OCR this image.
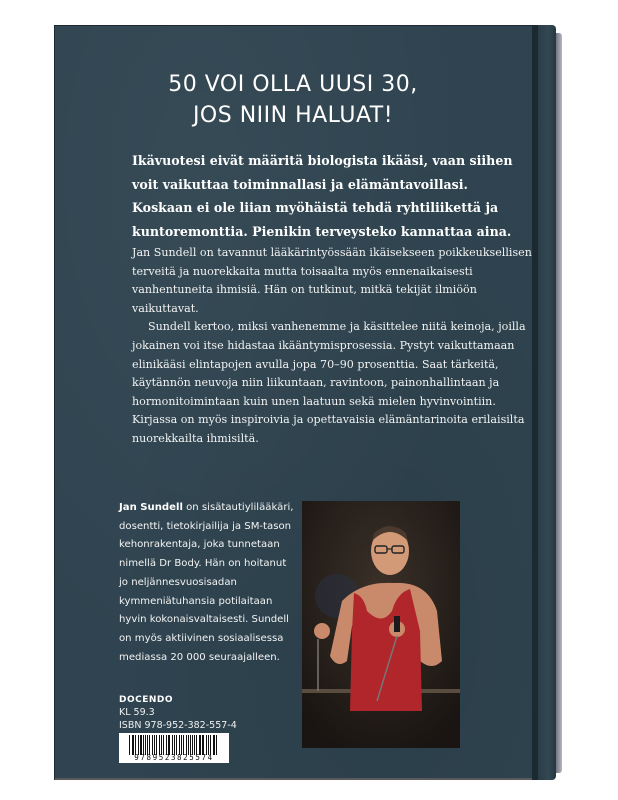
50 VOI OLLA UUSI 30,
JOS NIIN HALUAT!
Ikävuotesi eivät määritä biologista ikääsi, vaan siihen voit vaikuttaa toiminnallasi ja elämäntavoillasi. Koskaan ei ole liian myöhäistä tehdä ryhtiliikettä ja kuntoremonttia. Pienikin terveysteko kannattaa aina.

Jan Sundell on tavannut lääkärintyössään ikäisekseen poikkeuksellisen terveitä ja nuorekkaita mutta toisaalta myös ennenaikaisesti vanhentuneita ihmisiä. Hän on tutkinut, mitkä tekijät ilmiöön vaikuttavat.

Sundell kertoo, miksi vanhenemme ja käsittelee niitä keinoja, joilla jokainen voi itse hidastaa ikääntymisprosessia. Pystyt vaikuttamaan elinikääsi elintapojen avulla jopa 70–90 prosenttia. Saat tärkeitä, käytännön neuvoja niin liikuntaan, ravintoon, painonhallintaan ja hormonitoimintaan kuin unen laatuun sekä mielen hyvinvointiin. Kirjassa on myös inspiroivia ja opettavaisia elämäntarinoita erilaisilta nuorekkailta ihmisiltä.

Jan Sundell on sisätautiylilääkäri, dosentti, tietokirjailija ja SM-tason kehonrakentaja, joka tunnetaan nimellä Dr Body. Hän on hoitanut jo neljännesvuosisadan kymmeniätuhansia potilaitaan hyvin kokonaisvaltaisesti. Sundell on myös aktiivinen sosiaalisessa mediassa 20 000 seuraajalleen.
DOCENDO
KL 59.3
ISBN 978-952-382-557-4
9789523825574
